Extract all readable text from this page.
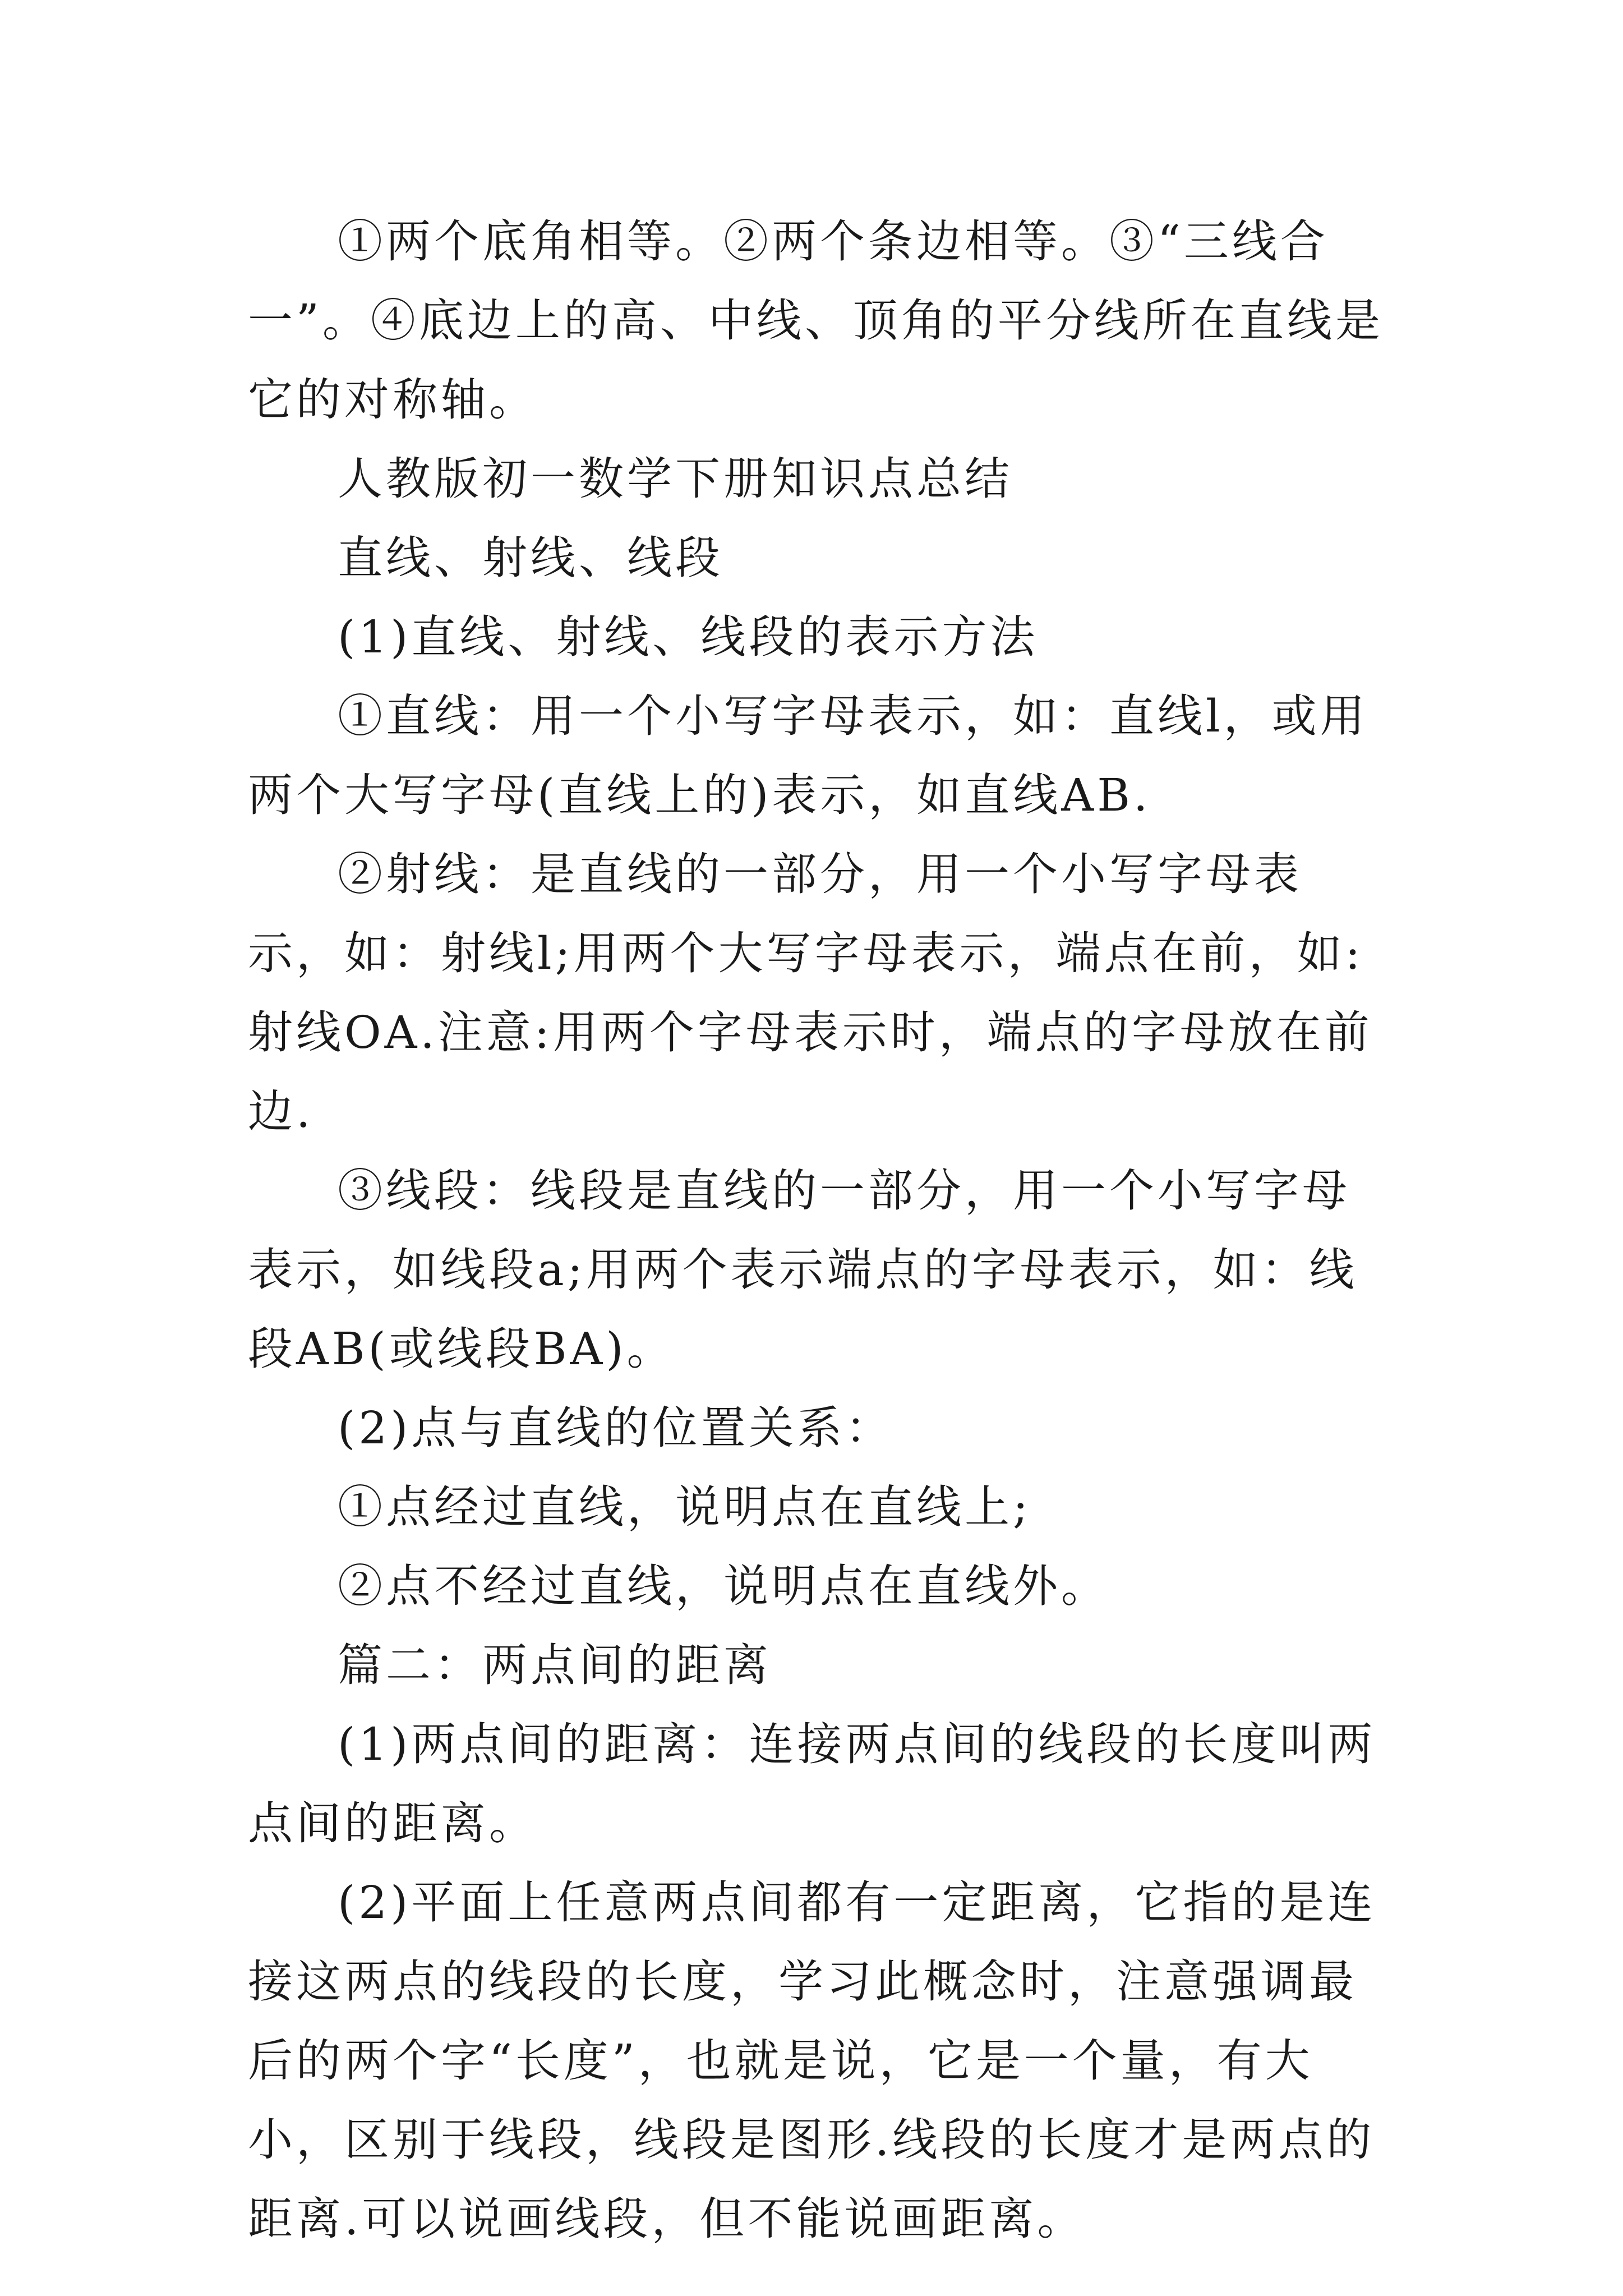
①两个底角相等。②两个条边相等。③“三线合一”。④底边上的高、中线、顶角的平分线所在直线是它的对称轴。

人教版初一数学下册知识点总结

直线、射线、线段

(1)直线、射线、线段的表示方法

①直线：用一个小写字母表示，如：直线l，或用两个大写字母(直线上的)表示，如直线AB.

②射线：是直线的一部分，用一个小写字母表示，如：射线l;用两个大写字母表示，端点在前，如:射线OA.注意:用两个字母表示时，端点的字母放在前边.

③线段：线段是直线的一部分，用一个小写字母表示，如线段a;用两个表示端点的字母表示，如：线段AB(或线段BA)。

(2)点与直线的位置关系：

①点经过直线，说明点在直线上;

②点不经过直线，说明点在直线外。

篇二：两点间的距离

(1)两点间的距离：连接两点间的线段的长度叫两点间的距离。

(2)平面上任意两点间都有一定距离，它指的是连接这两点的线段的长度，学习此概念时，注意强调最后的两个字“长度”，也就是说，它是一个量，有大小，区别于线段，线段是图形.线段的长度才是两点的距离.可以说画线段，但不能说画距离。
